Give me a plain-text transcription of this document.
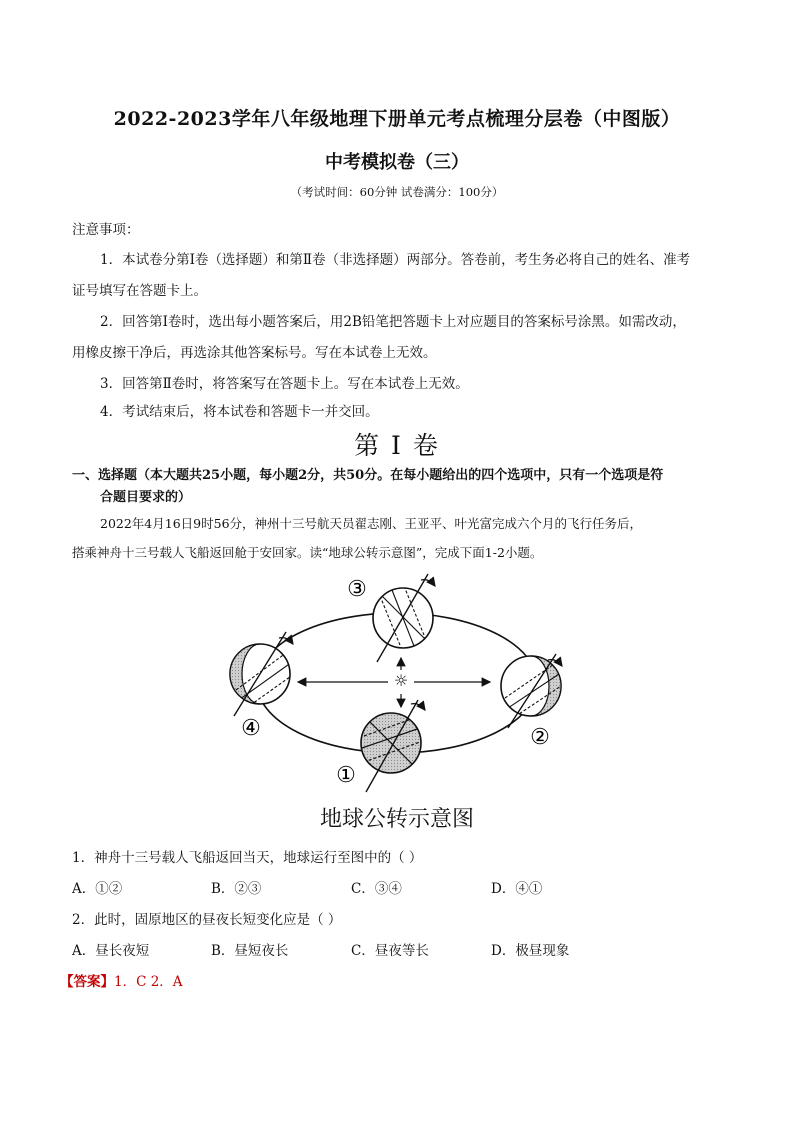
2022-2023学年八年级地理下册单元考点梳理分层卷（中图版）
中考模拟卷（三）
（考试时间：60分钟 试卷满分：100分）
注意事项：
1．本试卷分第Ⅰ卷（选择题）和第Ⅱ卷（非选择题）两部分。答卷前，考生务必将自己的姓名、准考
证号填写在答题卡上。
2．回答第Ⅰ卷时，选出每小题答案后，用2B铅笔把答题卡上对应题目的答案标号涂黑。如需改动，
用橡皮擦干净后，再选涂其他答案标号。写在本试卷上无效。
3．回答第Ⅱ卷时，将答案写在答题卡上。写在本试卷上无效。
4．考试结束后，将本试卷和答题卡一并交回。
第 I 卷
一、选择题（本大题共25小题，每小题2分，共50分。在每小题给出的四个选项中，只有一个选项是符
合题目要求的）
2022年4月16日9时56分，神州十三号航天员翟志刚、王亚平、叶光富完成六个月的飞行任务后，
搭乘神舟十三号载人飞船返回舱于安回家。读“地球公转示意图”，完成下面1-2小题。
☼
①
②
③
④
地球公转示意图
1．神舟十三号载人飞船返回当天，地球运行至图中的（ ）
A．①②	B．②③	C．③④	D．④①
2．此时，固原地区的昼夜长短变化应是（ ）
A．昼长夜短	B．昼短夜长	C．昼夜等长	D．极昼现象
【答案】1．C 2．A
